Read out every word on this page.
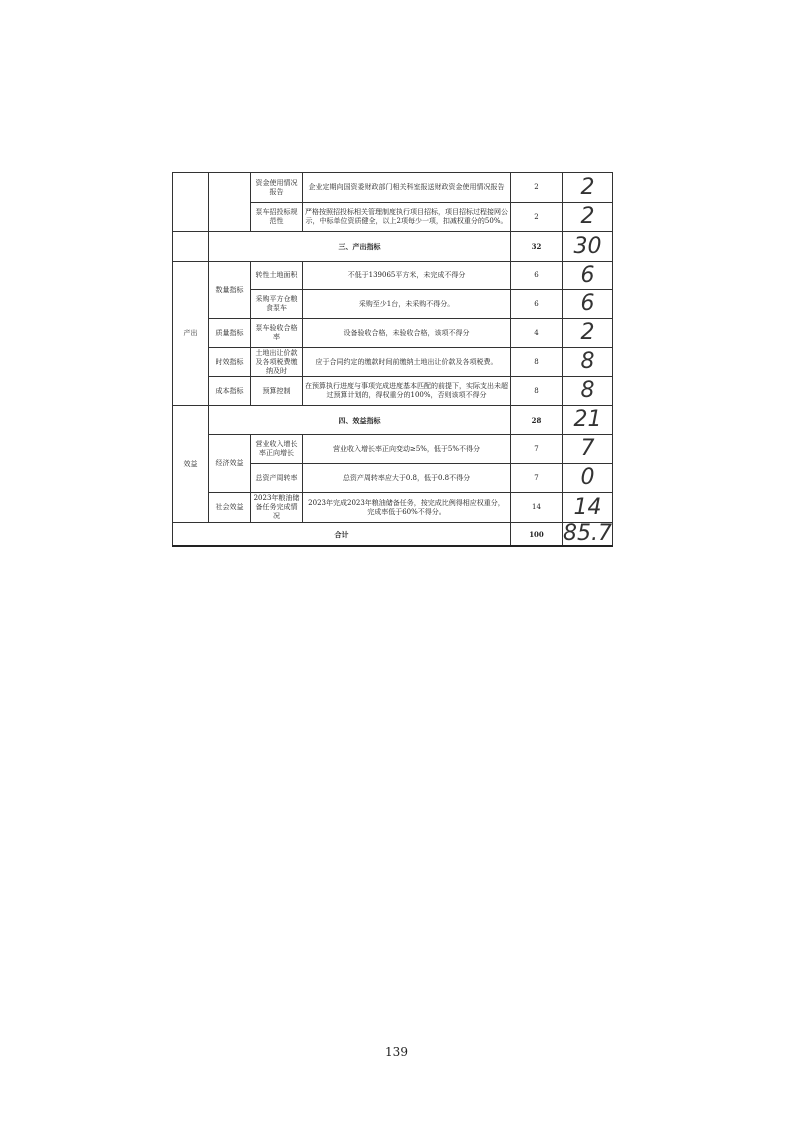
		资金使用情况报告	企业定期向国资委财政部门相关科室报送财政资金使用情况报告	2	2
		泵车招投标规范性	严格按照招投标相关管理制度执行项目招标，项目招标过程接网公示，中标单位资质健全，以上2项每少一项，扣减权重分的50%。	2	2
	三、产出指标			32	30
产出	数量指标	转性土地面积	不低于139065平方米，未完成不得分	6	6
		采购平方仓粮食泵车	采购至少1台，未采购不得分。	6	6
	质量指标	泵车验收合格率	设备验收合格，未验收合格，该项不得分	4	2
	时效指标	土地出让价款及各项税费缴纳及时	应于合同约定的缴款时间前缴纳土地出让价款及各项税费。	8	8
	成本指标	预算控制	在预算执行进度与事项完成进度基本匹配的前提下，实际支出未超过预算计划的，得权重分的100%，否则该项不得分	8	8
效益	四、效益指标			28	21
	经济效益	营业收入增长率正向增长	营业收入增长率正向变动≥5%，低于5%不得分	7	7
		总资产周转率	总资产周转率应大于0.8，低于0.8不得分	7	0
	社会效益	2023年粮油储备任务完成情况	2023年完成2023年粮油储备任务，按完成比例得相应权重分，完成率低于60%不得分。	14	14
合计				100	85.7
139
